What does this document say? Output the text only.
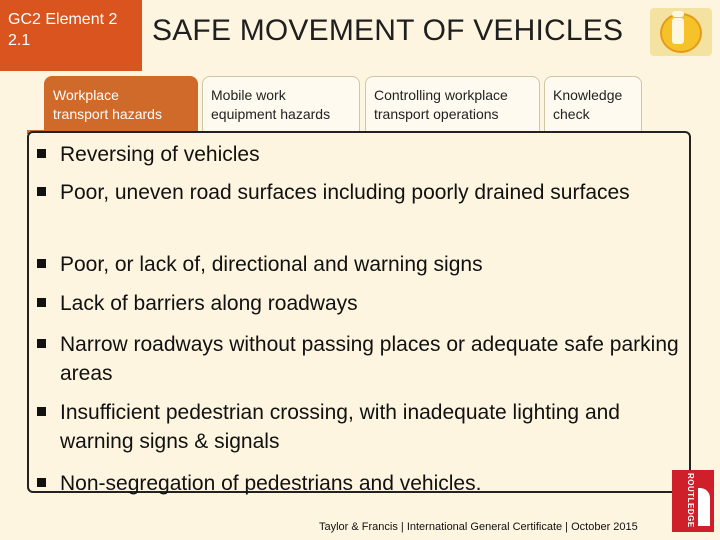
GC2 Element 2
2.1	SAFE MOVEMENT OF VEHICLES
Workplace
transport hazards
Mobile work
equipment hazards
Controlling workplace
transport operations
Knowledge
check
Reversing of vehicles
Poor, uneven road surfaces including poorly drained surfaces
Poor, or lack of, directional and warning signs
Lack of barriers along roadways
Narrow roadways without passing places or adequate safe parking areas
Insufficient pedestrian crossing, with inadequate lighting and warning signs & signals
Non-segregation of pedestrians and vehicles.	ROUTLEDGE
Taylor & Francis | International General Certificate | October 2015
